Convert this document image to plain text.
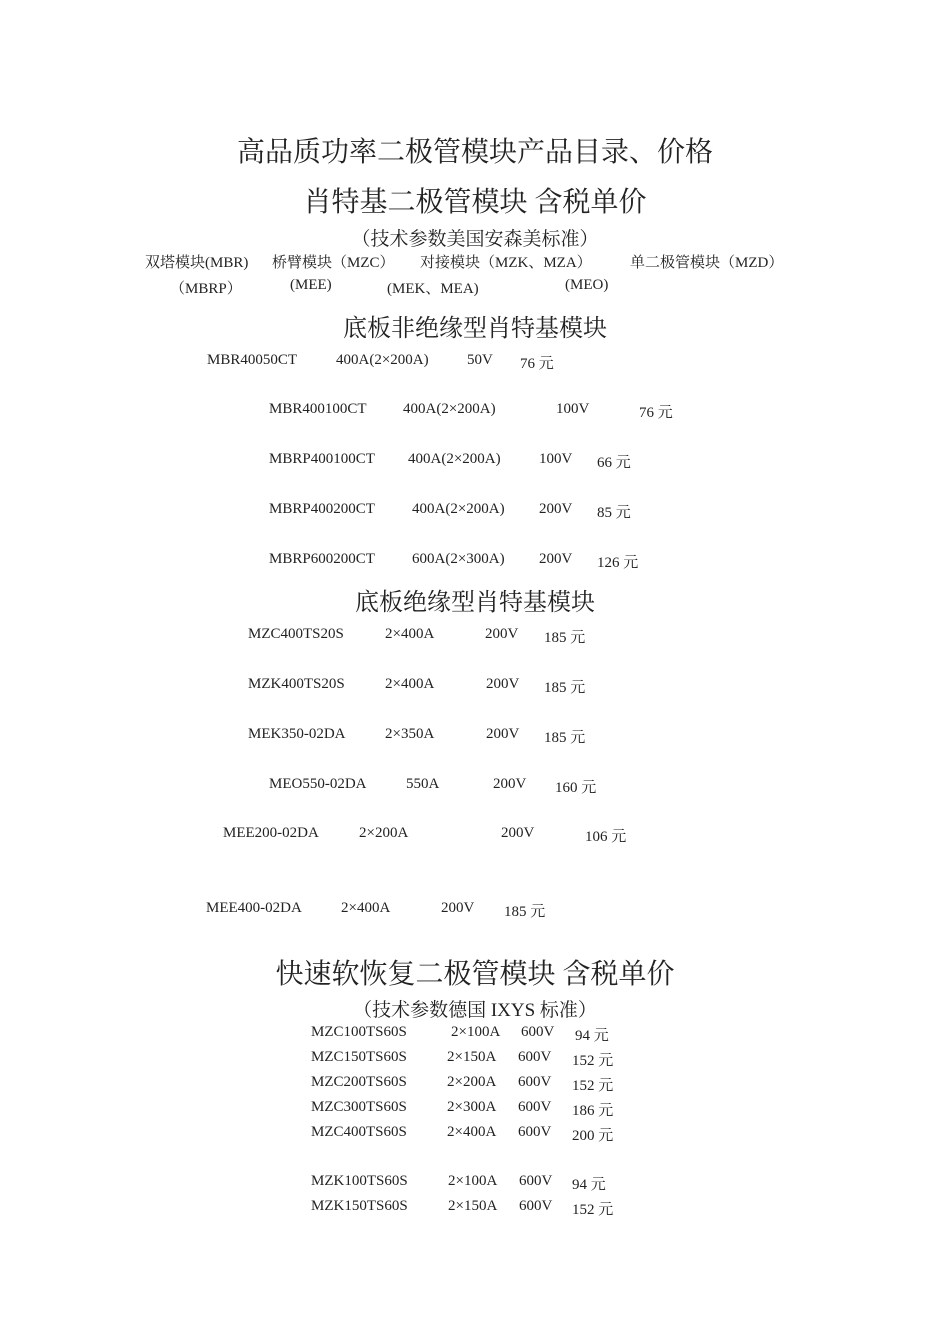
高品质功率二极管模块产品目录、价格
肖特基二极管模块 含税单价
（技术参数美国安森美标准）
双塔模块(MBR) 桥臂模块（MZC） 对接模块（MZK、MZA）	单二极管模块（MZD）
（MBRP）	(MEE)	(MEK、MEA)	(MEO)
底板非绝缘型肖特基模块
MBR40050CT	400A(2×200A)	50V 76 元
MBR400100CT 400A(2×200A)	100V	76 元
MBRP400100CT 400A(2×200A)	100V 66 元
MBRP400200CT 400A(2×200A) 200V 85 元
MBRP600200CT 600A(2×300A) 200V 126 元
底板绝缘型肖特基模块
MZC400TS20S	2×400A	200V 185 元
MZK400TS20S	2×400A	200V 185 元
MEK350-02DA	2×350A	200V 185 元
MEO550-02DA	550A	200V 160 元
MEE200-02DA	2×200A	200V	106 元
MEE400-02DA	2×400A	200V 185 元
快速软恢复二极管模块 含税单价
（技术参数德国 IXYS 标准）
MZC100TS60S	2×100A 600V 94 元
MZC150TS60S	2×150A 600V 152 元
MZC200TS60S	2×200A 600V 152 元
MZC300TS60S	2×300A 600V 186 元
MZC400TS60S	2×400A 600V 200 元
MZK100TS60S	2×100A 600V 94 元
MZK150TS60S	2×150A 600V 152 元
